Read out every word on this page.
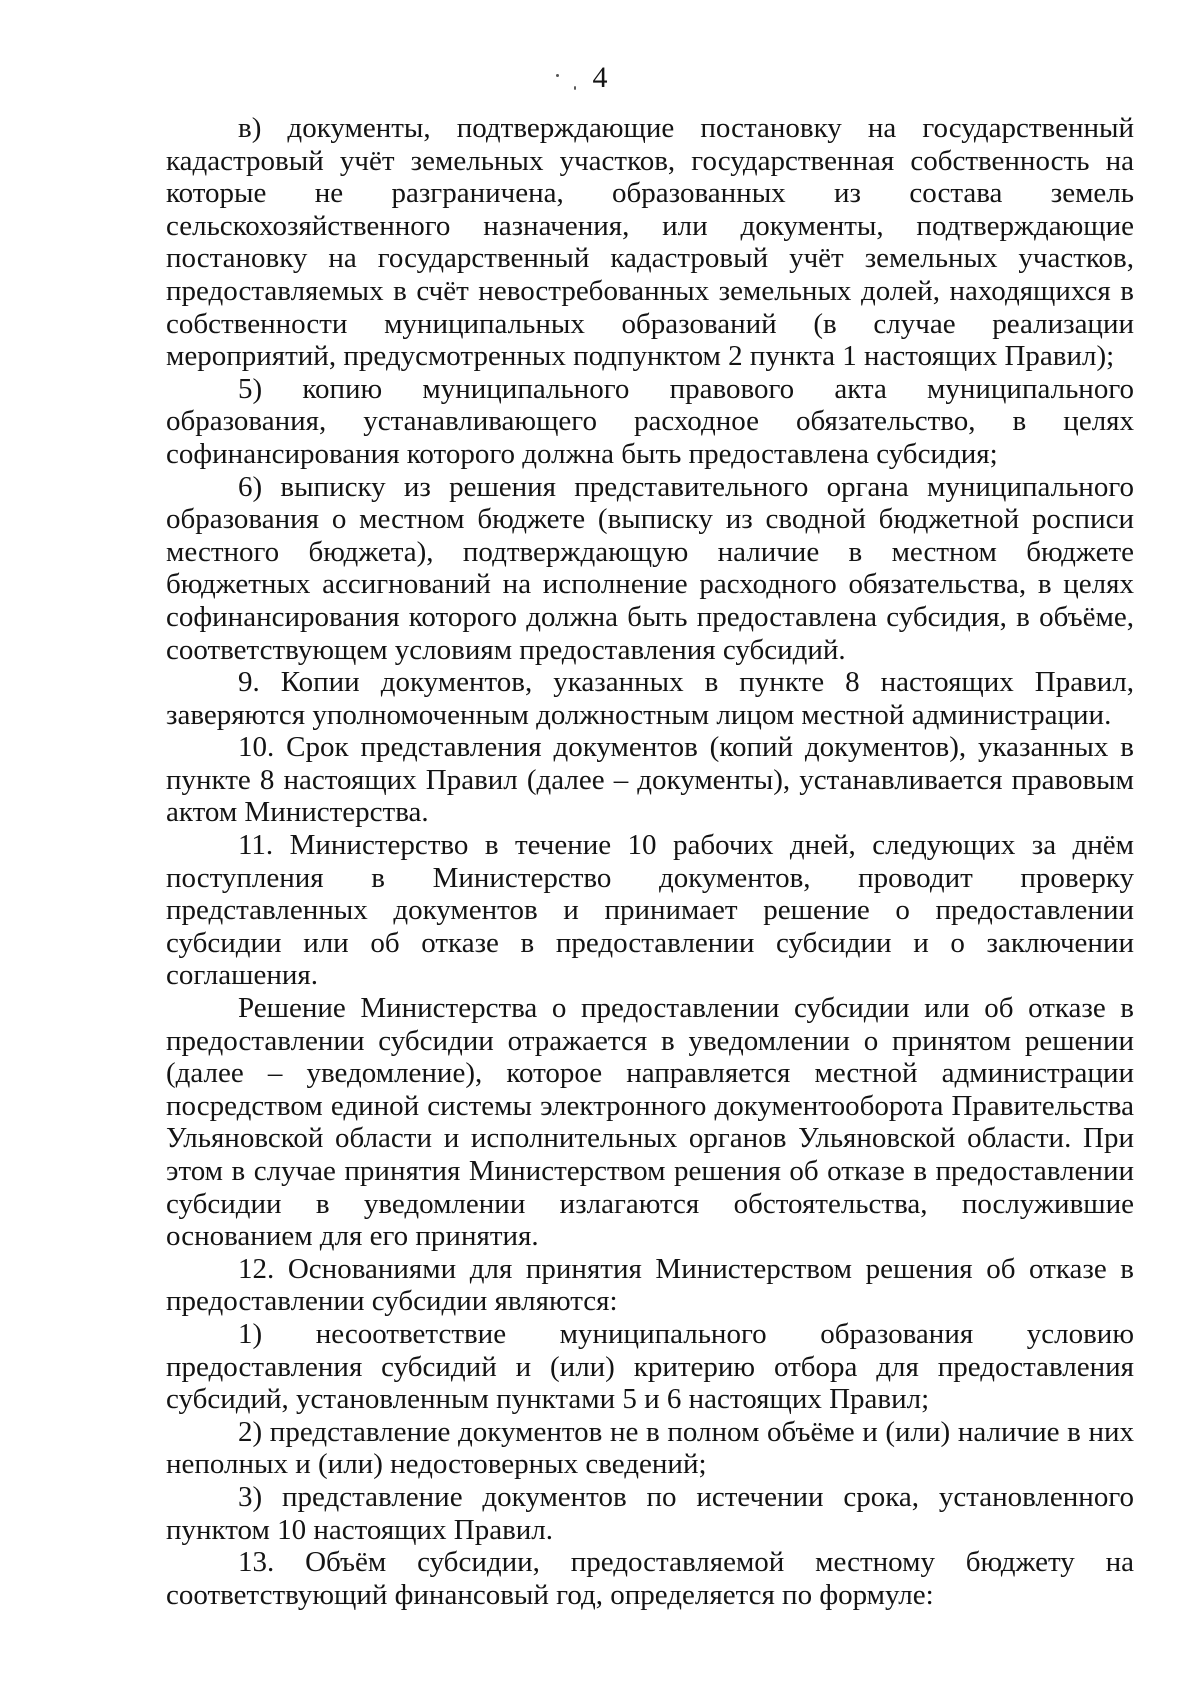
4

в) документы, подтверждающие постановку на государственный кадастровый учёт земельных участков, государственная собственность на которые не разграничена, образованных из состава земель сельскохозяйственного назначения, или документы, подтверждающие постановку на государственный кадастровый учёт земельных участков, предоставляемых в счёт невостребованных земельных долей, находящихся в собственности муниципальных образований (в случае реализации мероприятий, предусмотренных подпунктом 2 пункта 1 настоящих Правил);

5) копию муниципального правового акта муниципального образования, устанавливающего расходное обязательство, в целях софинансирования которого должна быть предоставлена субсидия;

6) выписку из решения представительного органа муниципального образования о местном бюджете (выписку из сводной бюджетной росписи местного бюджета), подтверждающую наличие в местном бюджете бюджетных ассигнований на исполнение расходного обязательства, в целях софинансирования которого должна быть предоставлена субсидия, в объёме, соответствующем условиям предоставления субсидий.

9. Копии документов, указанных в пункте 8 настоящих Правил, заверяются уполномоченным должностным лицом местной администрации.

10. Срок представления документов (копий документов), указанных в пункте 8 настоящих Правил (далее – документы), устанавливается правовым актом Министерства.

11. Министерство в течение 10 рабочих дней, следующих за днём поступления в Министерство документов, проводит проверку представленных документов и принимает решение о предоставлении субсидии или об отказе в предоставлении субсидии и о заключении соглашения.

Решение Министерства о предоставлении субсидии или об отказе в предоставлении субсидии отражается в уведомлении о принятом решении (далее – уведомление), которое направляется местной администрации посредством единой системы электронного документооборота Правительства Ульяновской области и исполнительных органов Ульяновской области. При этом в случае принятия Министерством решения об отказе в предоставлении субсидии в уведомлении излагаются обстоятельства, послужившие основанием для его принятия.

12. Основаниями для принятия Министерством решения об отказе в предоставлении субсидии являются:

1) несоответствие муниципального образования условию предоставления субсидий и (или) критерию отбора для предоставления субсидий, установленным пунктами 5 и 6 настоящих Правил;

2) представление документов не в полном объёме и (или) наличие в них неполных и (или) недостоверных сведений;

3) представление документов по истечении срока, установленного пунктом 10 настоящих Правил.

13. Объём субсидии, предоставляемой местному бюджету на соответствующий финансовый год, определяется по формуле:
